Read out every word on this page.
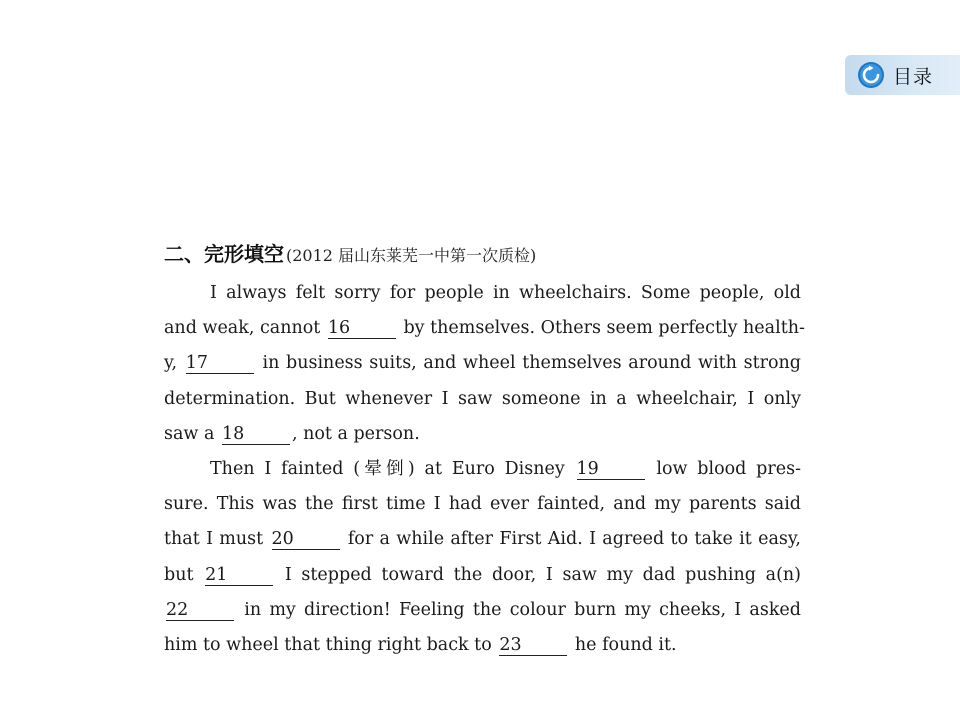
目录
二、完形填空 (2012 届山东莱芜一中第一次质检)

I always felt sorry for people in wheelchairs. Some people, old

and weak, cannot 16	by themselves. Others seem perfectly health-

y, 17	in business suits, and wheel themselves around with strong

determination. But whenever I saw someone in a wheelchair, I only

saw a 18	, not a person.

Then I fainted (晕倒) at Euro Disney 19	low blood pres-

sure. This was the first time I had ever fainted, and my parents said

that I must 20	for a while after First Aid. I agreed to take it easy,

but 21	I stepped toward the door, I saw my dad pushing a(n)

22	in my direction! Feeling the colour burn my cheeks, I asked

him to wheel that thing right back to 23	he found it.
